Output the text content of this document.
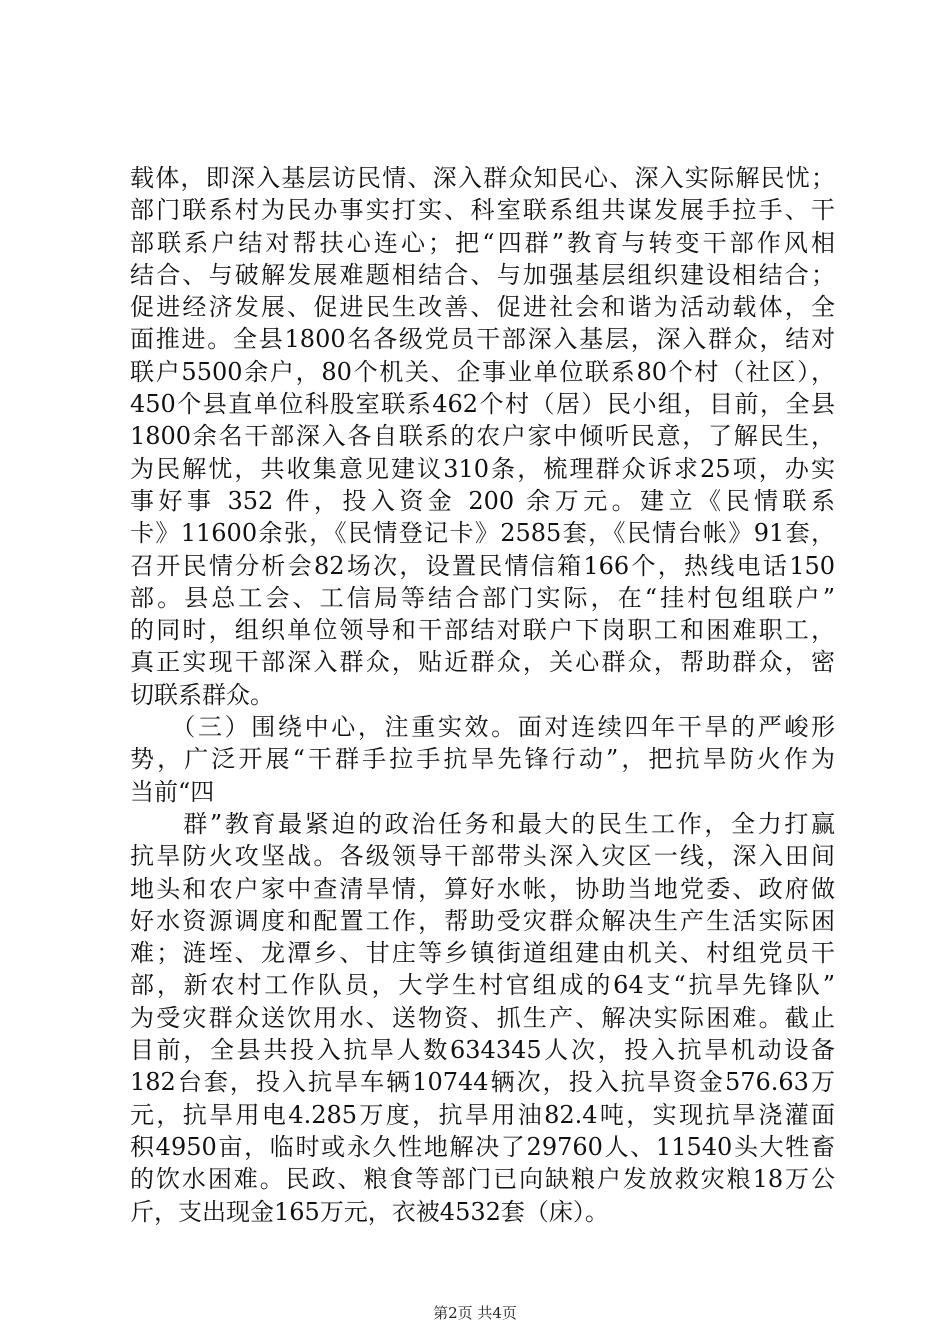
载体，即深入基层访民情、深入群众知民心、深入实际解民忧；
部门联系村为民办事实打实、科室联系组共谋发展手拉手、干
部联系户结对帮扶心连心；把“四群”教育与转变干部作风相
结合、与破解发展难题相结合、与加强基层组织建设相结合；
促进经济发展、促进民生改善、促进社会和谐为活动载体，全
面推进。全县1800名各级党员干部深入基层，深入群众，结对
联户5500余户，80个机关、企事业单位联系80个村（社区），
450个县直单位科股室联系462个村（居）民小组，目前，全县
1800余名干部深入各自联系的农户家中倾听民意，了解民生，
为民解忧，共收集意见建议310条，梳理群众诉求25项，办实
事好事 352 件，投入资金 200 余万元。建立《民情联系
卡》11600余张，《民情登记卡》2585套，《民情台帐》91套，
召开民情分析会82场次，设置民情信箱166个，热线电话150
部。县总工会、工信局等结合部门实际，在“挂村包组联户”
的同时，组织单位领导和干部结对联户下岗职工和困难职工，
真正实现干部深入群众，贴近群众，关心群众，帮助群众，密
切联系群众。
　　（三）围绕中心，注重实效。面对连续四年干旱的严峻形
势，广泛开展“干群手拉手抗旱先锋行动”，把抗旱防火作为
当前“四
　　群”教育最紧迫的政治任务和最大的民生工作，全力打赢
抗旱防火攻坚战。各级领导干部带头深入灾区一线，深入田间
地头和农户家中查清旱情，算好水帐，协助当地党委、政府做
好水资源调度和配置工作，帮助受灾群众解决生产生活实际困
难；涟垤、龙潭乡、甘庄等乡镇街道组建由机关、村组党员干
部，新农村工作队员，大学生村官组成的64支“抗旱先锋队”
为受灾群众送饮用水、送物资、抓生产、解决实际困难。截止
目前，全县共投入抗旱人数634345人次，投入抗旱机动设备
182台套，投入抗旱车辆10744辆次，投入抗旱资金576.63万
元，抗旱用电4.285万度，抗旱用油82.4吨，实现抗旱浇灌面
积4950亩，临时或永久性地解决了29760人、11540头大牲畜
的饮水困难。民政、粮食等部门已向缺粮户发放救灾粮18万公
斤，支出现金165万元，衣被4532套（床）。
第2页 共4页
